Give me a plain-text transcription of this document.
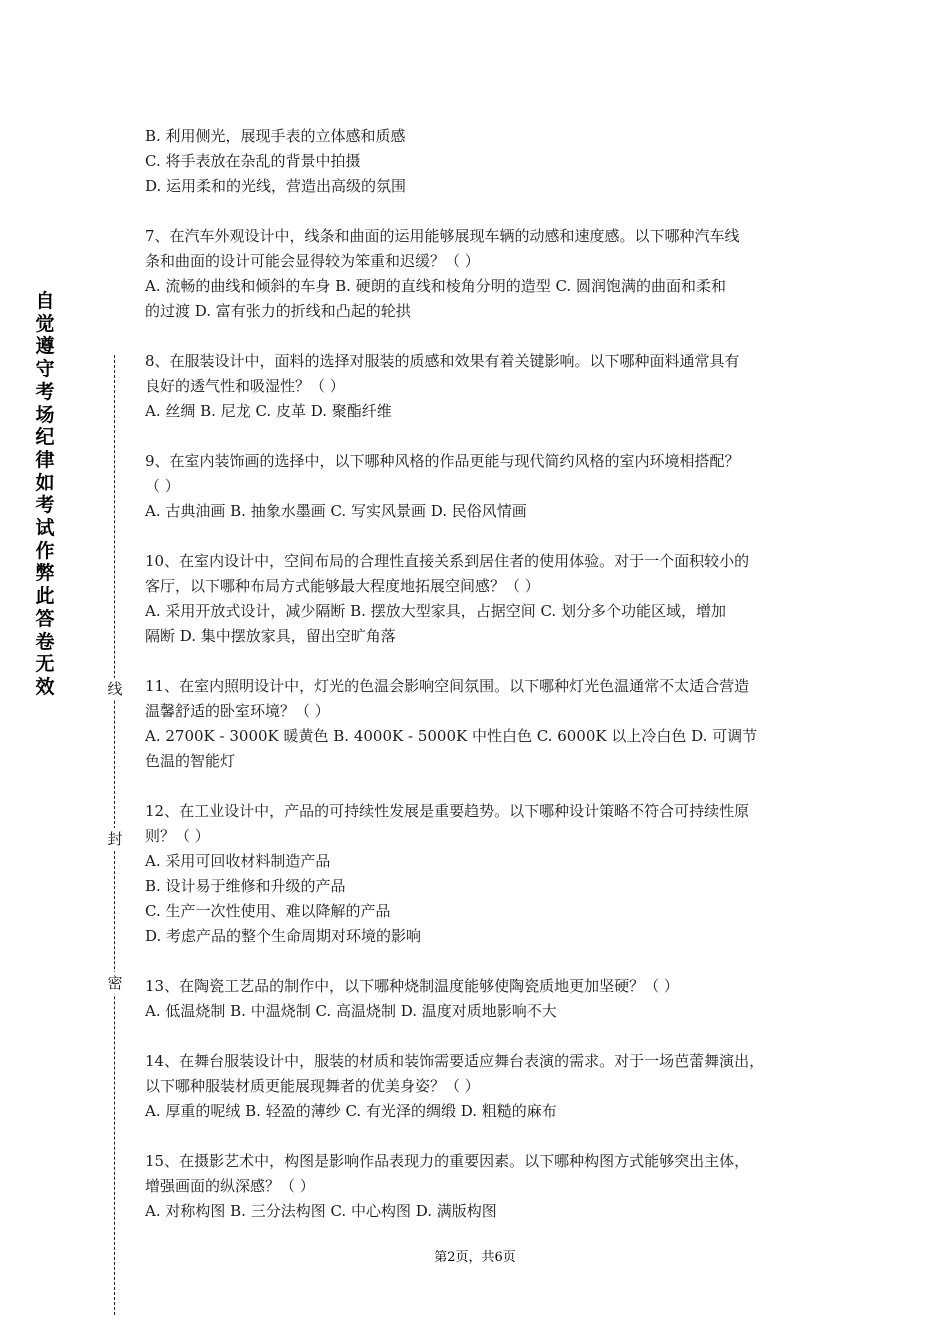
自
觉
遵
守
考
场
纪
律
如
考
试
作
弊
此
答
卷
无
效	线
封
密
B. 利用侧光，展现手表的立体感和质感
C. 将手表放在杂乱的背景中拍摄
D. 运用柔和的光线，营造出高级的氛围
7、在汽车外观设计中，线条和曲面的运用能够展现车辆的动感和速度感。以下哪种汽车线
条和曲面的设计可能会显得较为笨重和迟缓？（ ）
A. 流畅的曲线和倾斜的车身 B. 硬朗的直线和棱角分明的造型 C. 圆润饱满的曲面和柔和
的过渡 D. 富有张力的折线和凸起的轮拱
8、在服装设计中，面料的选择对服装的质感和效果有着关键影响。以下哪种面料通常具有
良好的透气性和吸湿性？（ ）
A. 丝绸 B. 尼龙 C. 皮革 D. 聚酯纤维
9、在室内装饰画的选择中，以下哪种风格的作品更能与现代简约风格的室内环境相搭配？
（ ）
A. 古典油画 B. 抽象水墨画 C. 写实风景画 D. 民俗风情画
10、在室内设计中，空间布局的合理性直接关系到居住者的使用体验。对于一个面积较小的
客厅，以下哪种布局方式能够最大程度地拓展空间感？（ ）
A. 采用开放式设计，减少隔断 B. 摆放大型家具，占据空间 C. 划分多个功能区域，增加
隔断 D. 集中摆放家具，留出空旷角落
11、在室内照明设计中，灯光的色温会影响空间氛围。以下哪种灯光色温通常不太适合营造
温馨舒适的卧室环境？（ ）
A. 2700K - 3000K 暖黄色 B. 4000K - 5000K 中性白色 C. 6000K 以上冷白色 D. 可调节
色温的智能灯
12、在工业设计中，产品的可持续性发展是重要趋势。以下哪种设计策略不符合可持续性原
则？（ ）
A. 采用可回收材料制造产品
B. 设计易于维修和升级的产品
C. 生产一次性使用、难以降解的产品
D. 考虑产品的整个生命周期对环境的影响
13、在陶瓷工艺品的制作中，以下哪种烧制温度能够使陶瓷质地更加坚硬？（ ）
A. 低温烧制 B. 中温烧制 C. 高温烧制 D. 温度对质地影响不大
14、在舞台服装设计中，服装的材质和装饰需要适应舞台表演的需求。对于一场芭蕾舞演出，
以下哪种服装材质更能展现舞者的优美身姿？（ ）
A. 厚重的呢绒 B. 轻盈的薄纱 C. 有光泽的绸缎 D. 粗糙的麻布
15、在摄影艺术中，构图是影响作品表现力的重要因素。以下哪种构图方式能够突出主体，
增强画面的纵深感？（ ）
A. 对称构图 B. 三分法构图 C. 中心构图 D. 满版构图
第2页，共6页
